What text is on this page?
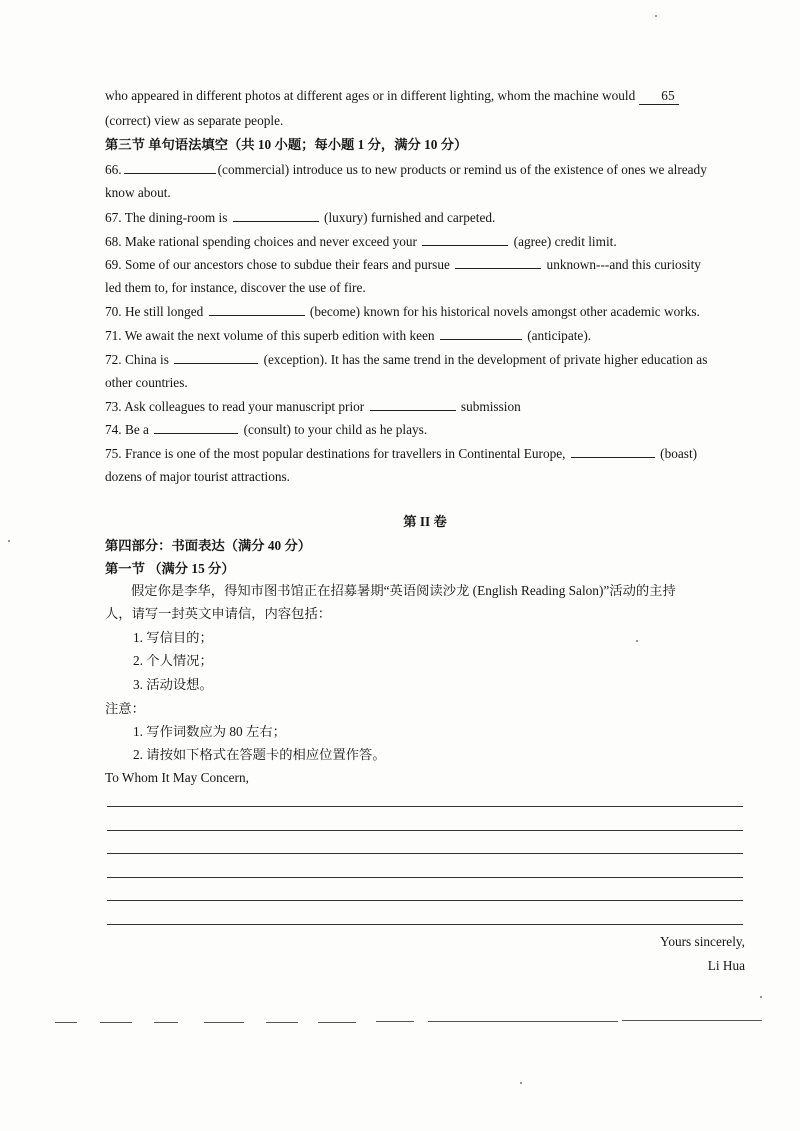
who appeared in different photos at different ages or in different lighting, whom the machine would 65
(correct) view as separate people.
第三节 单句语法填空（共 10 小题；每小题 1 分，满分 10 分）
66.	(commercial) introduce us to new products or remind us of the existence of ones we already
know about.
67. The dining-room is	(luxury) furnished and carpeted.
68. Make rational spending choices and never exceed your	(agree) credit limit.
69. Some of our ancestors chose to subdue their fears and pursue	unknown---and this curiosity
led them to, for instance, discover the use of fire.
70. He still longed	(become) known for his historical novels amongst other academic works.
71. We await the next volume of this superb edition with keen	(anticipate).
72. China is	(exception). It has the same trend in the development of private higher education as
other countries.
73. Ask colleagues to read your manuscript prior	submission
74. Be a	(consult) to your child as he plays.
75. France is one of the most popular destinations for travellers in Continental Europe,	(boast)
dozens of major tourist attractions.
第 II 卷
第四部分：书面表达（满分 40 分）
第一节 （满分 15 分）
假定你是李华，得知市图书馆正在招募暑期“英语阅读沙龙 (English Reading Salon)”活动的主持
人，请写一封英文申请信，内容包括：
1. 写信目的；
2. 个人情况；
3. 活动设想。
注意：
1. 写作词数应为 80 左右；
2. 请按如下格式在答题卡的相应位置作答。
To Whom It May Concern,
Yours sincerely,
Li Hua
